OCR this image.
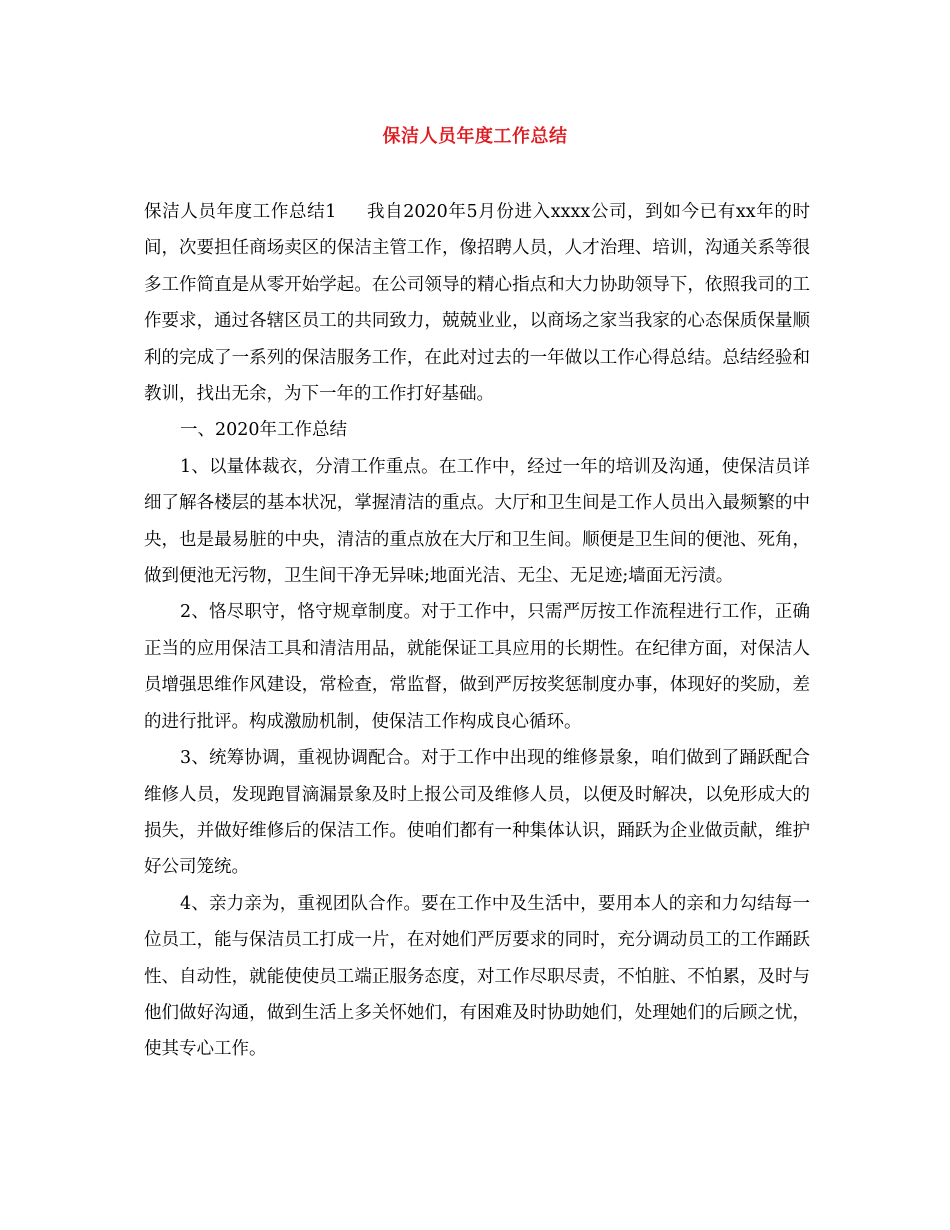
保洁人员年度工作总结

保洁人员年度工作总结1 我自2020年5月份进入xxxx公司，到如今已有xx年的时间，次要担任商场卖区的保洁主管工作，像招聘人员，人才治理、培训，沟通关系等很多工作简直是从零开始学起。在公司领导的精心指点和大力协助领导下，依照我司的工作要求，通过各辖区员工的共同致力，兢兢业业，以商场之家当我家的心态保质保量顺利的完成了一系列的保洁服务工作，在此对过去的一年做以工作心得总结。总结经验和教训，找出无余，为下一年的工作打好基础。

一、2020年工作总结

1、以量体裁衣，分清工作重点。在工作中，经过一年的培训及沟通，使保洁员详细了解各楼层的基本状况，掌握清洁的重点。大厅和卫生间是工作人员出入最频繁的中央，也是最易脏的中央，清洁的重点放在大厅和卫生间。顺便是卫生间的便池、死角，做到便池无污物，卫生间干净无异味;地面光洁、无尘、无足迹;墙面无污渍。

2、恪尽职守，恪守规章制度。对于工作中，只需严厉按工作流程进行工作，正确正当的应用保洁工具和清洁用品，就能保证工具应用的长期性。在纪律方面，对保洁人员增强思维作风建设，常检查，常监督，做到严厉按奖惩制度办事，体现好的奖励，差的进行批评。构成激励机制，使保洁工作构成良心循环。

3、统筹协调，重视协调配合。对于工作中出现的维修景象，咱们做到了踊跃配合维修人员，发现跑冒滴漏景象及时上报公司及维修人员，以便及时解决，以免形成大的损失，并做好维修后的保洁工作。使咱们都有一种集体认识，踊跃为企业做贡献，维护好公司笼统。

4、亲力亲为，重视团队合作。要在工作中及生活中，要用本人的亲和力勾结每一位员工，能与保洁员工打成一片，在对她们严厉要求的同时，充分调动员工的工作踊跃性、自动性，就能使使员工端正服务态度，对工作尽职尽责，不怕脏、不怕累，及时与他们做好沟通，做到生活上多关怀她们，有困难及时协助她们，处理她们的后顾之忧，使其专心工作。
